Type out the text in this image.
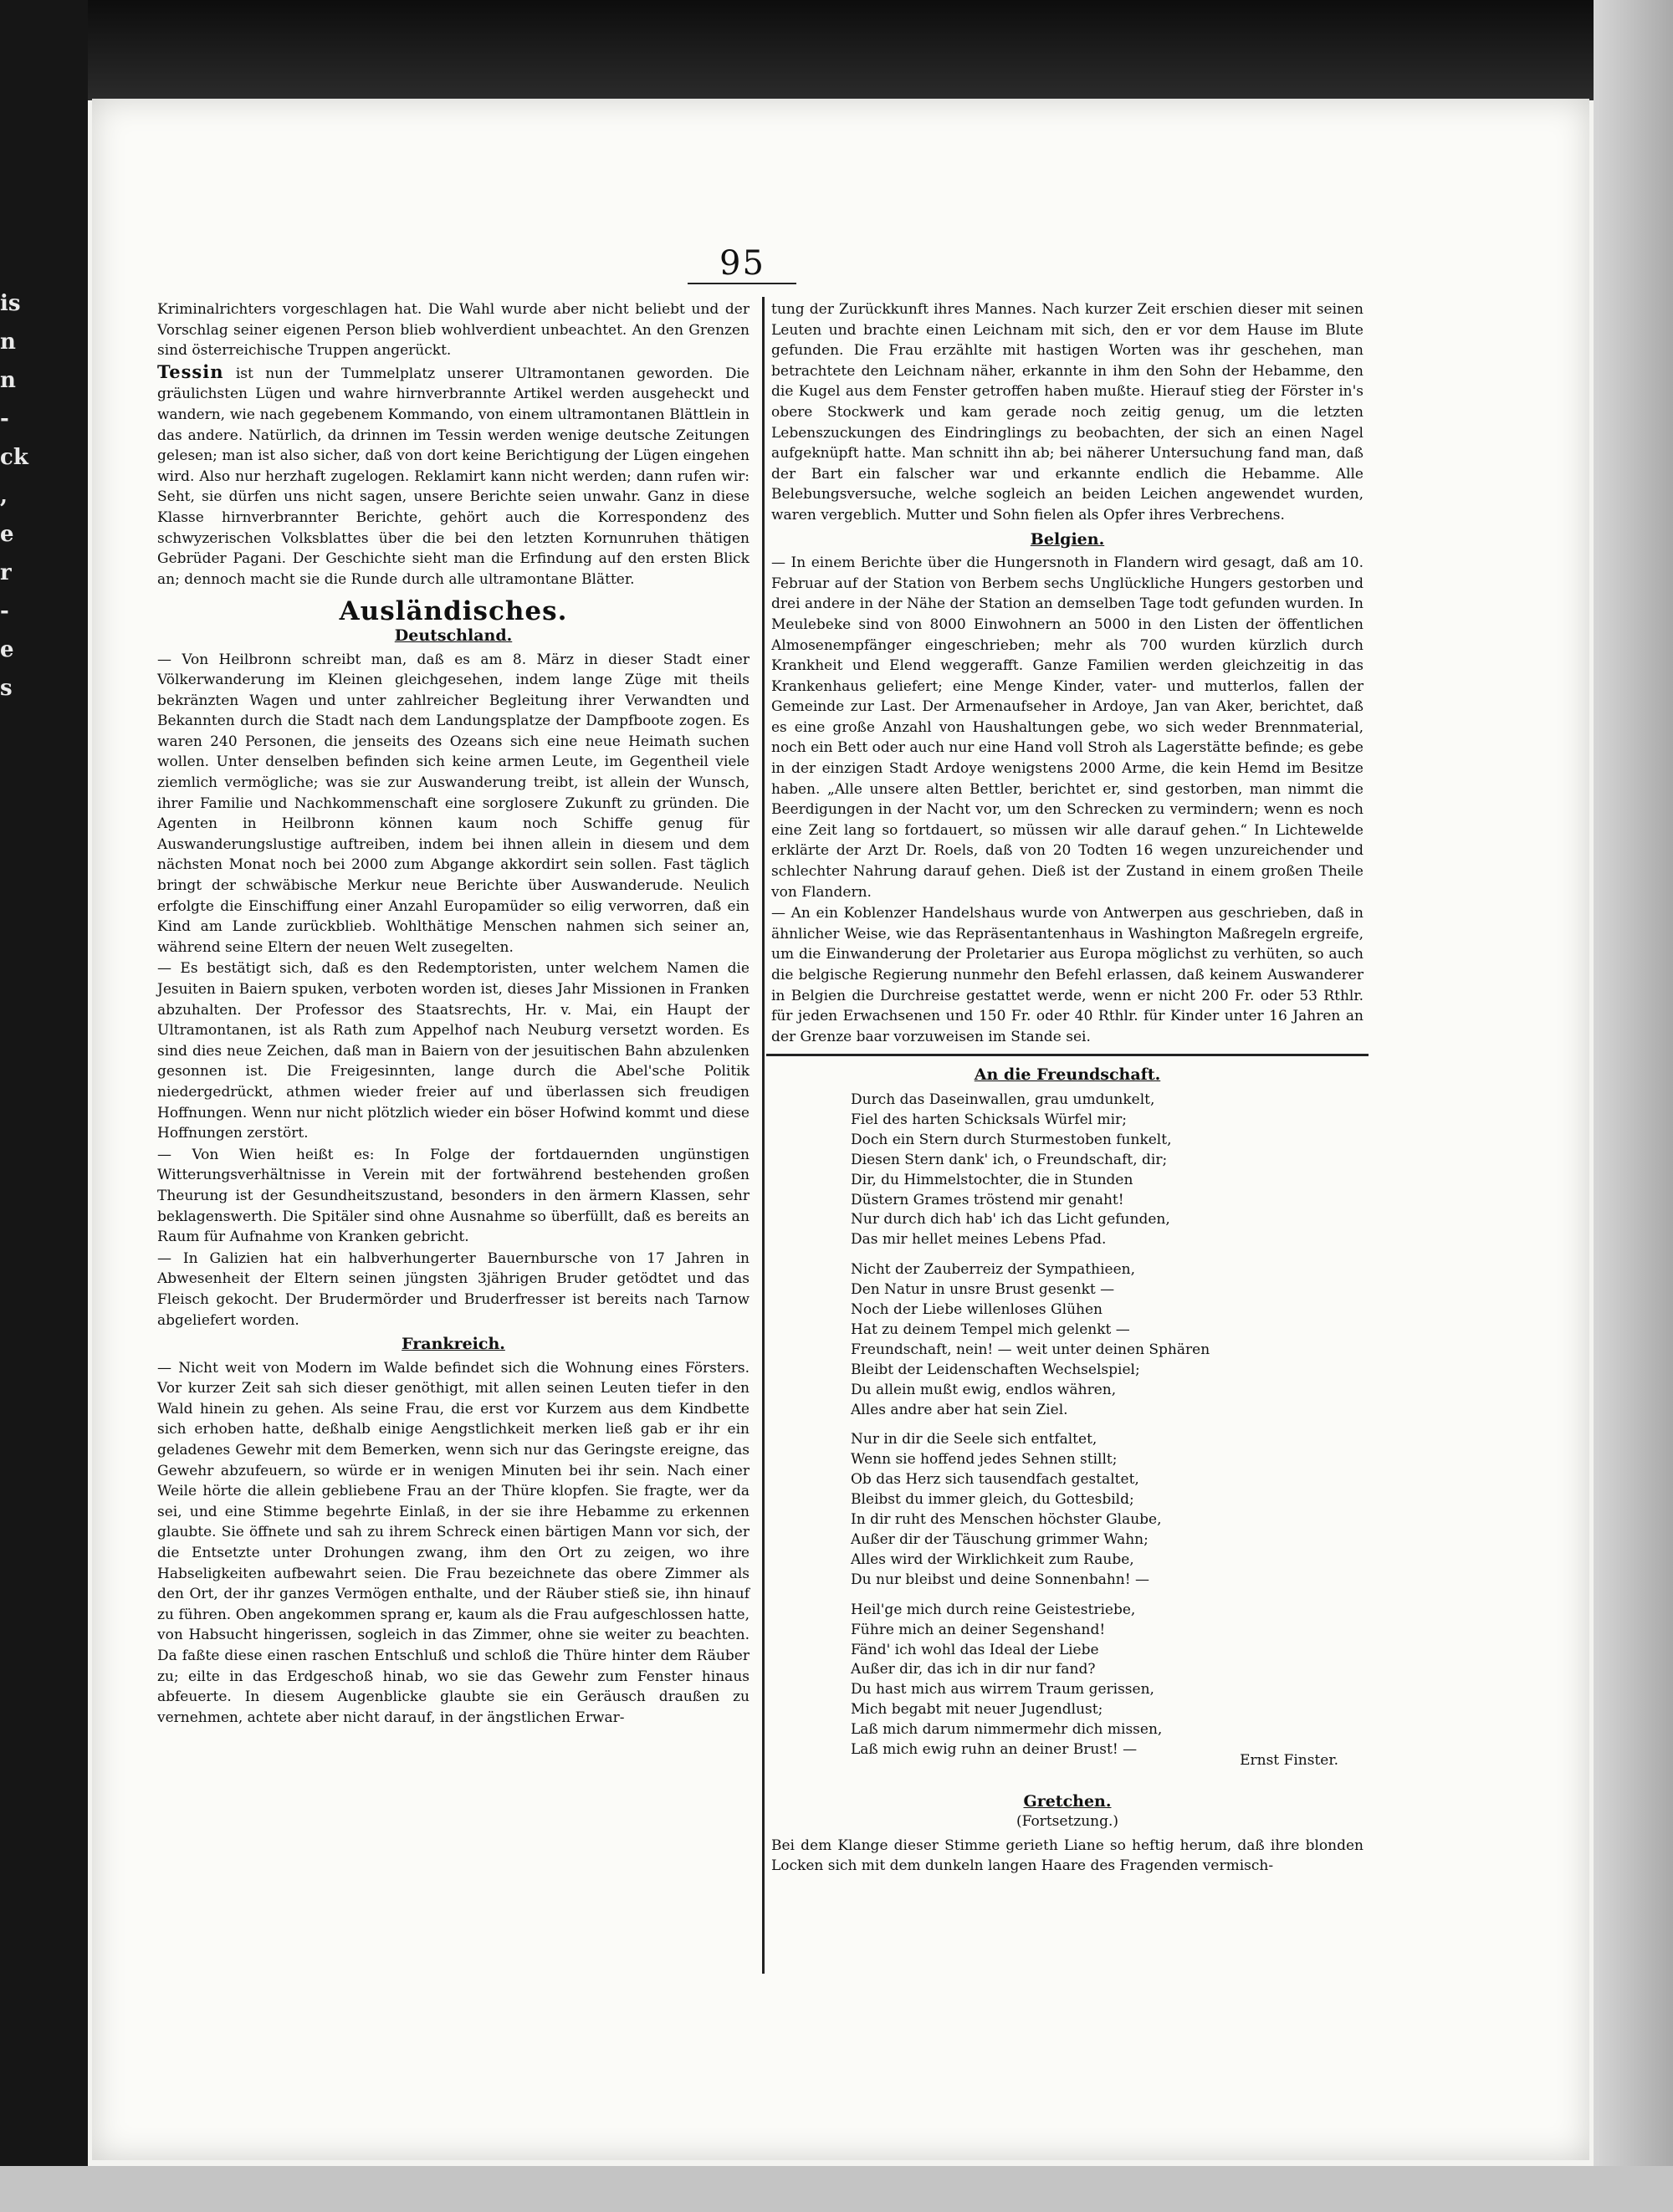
is
n
n
-
ck
,
e
r
-
e
s
95

Kriminalrichters vorgeschlagen hat. Die Wahl wurde aber nicht beliebt und der Vorschlag seiner eigenen Person blieb wohlverdient unbeachtet. An den Grenzen sind österreichische Truppen angerückt.

Tessin ist nun der Tummelplatz unserer Ultramontanen geworden. Die gräulichsten Lügen und wahre hirnverbrannte Artikel werden ausgeheckt und wandern, wie nach gegebenem Kommando, von einem ultramontanen Blättlein in das andere. Natürlich, da drinnen im Tessin werden wenige deutsche Zeitungen gelesen; man ist also sicher, daß von dort keine Berichtigung der Lügen eingehen wird. Also nur herzhaft zugelogen. Reklamirt kann nicht werden; dann rufen wir: Seht, sie dürfen uns nicht sagen, unsere Berichte seien unwahr. Ganz in diese Klasse hirnverbrannter Berichte, gehört auch die Korrespondenz des schwyzerischen Volksblattes über die bei den letzten Kornunruhen thätigen Gebrüder Pagani. Der Geschichte sieht man die Erfindung auf den ersten Blick an; dennoch macht sie die Runde durch alle ultramontane Blätter.

Ausländisches.
Deutschland.

— Von Heilbronn schreibt man, daß es am 8. März in dieser Stadt einer Völkerwanderung im Kleinen gleichgesehen, indem lange Züge mit theils bekränzten Wagen und unter zahlreicher Begleitung ihrer Verwandten und Bekannten durch die Stadt nach dem Landungsplatze der Dampfboote zogen. Es waren 240 Personen, die jenseits des Ozeans sich eine neue Heimath suchen wollen. Unter denselben befinden sich keine armen Leute, im Gegentheil viele ziemlich vermögliche; was sie zur Auswanderung treibt, ist allein der Wunsch, ihrer Familie und Nachkommenschaft eine sorglosere Zukunft zu gründen. Die Agenten in Heilbronn können kaum noch Schiffe genug für Auswanderungslustige auftreiben, indem bei ihnen allein in diesem und dem nächsten Monat noch bei 2000 zum Abgange akkordirt sein sollen. Fast täglich bringt der schwäbische Merkur neue Berichte über Auswanderude. Neulich erfolgte die Einschiffung einer Anzahl Europamüder so eilig verworren, daß ein Kind am Lande zurückblieb. Wohlthätige Menschen nahmen sich seiner an, während seine Eltern der neuen Welt zusegelten.

— Es bestätigt sich, daß es den Redemptoristen, unter welchem Namen die Jesuiten in Baiern spuken, verboten worden ist, dieses Jahr Missionen in Franken abzuhalten. Der Professor des Staatsrechts, Hr. v. Mai, ein Haupt der Ultramontanen, ist als Rath zum Appelhof nach Neuburg versetzt worden. Es sind dies neue Zeichen, daß man in Baiern von der jesuitischen Bahn abzulenken gesonnen ist. Die Freigesinnten, lange durch die Abel'sche Politik niedergedrückt, athmen wieder freier auf und überlassen sich freudigen Hoffnungen. Wenn nur nicht plötzlich wieder ein böser Hofwind kommt und diese Hoffnungen zerstört.

— Von Wien heißt es: In Folge der fortdauernden ungünstigen Witterungsverhältnisse in Verein mit der fortwährend bestehenden großen Theurung ist der Gesundheitszustand, besonders in den ärmern Klassen, sehr beklagenswerth. Die Spitäler sind ohne Ausnahme so überfüllt, daß es bereits an Raum für Aufnahme von Kranken gebricht.

— In Galizien hat ein halbverhungerter Bauernbursche von 17 Jahren in Abwesenheit der Eltern seinen jüngsten 3jährigen Bruder getödtet und das Fleisch gekocht. Der Brudermörder und Bruderfresser ist bereits nach Tarnow abgeliefert worden.

Frankreich.

— Nicht weit von Modern im Walde befindet sich die Wohnung eines Försters. Vor kurzer Zeit sah sich dieser genöthigt, mit allen seinen Leuten tiefer in den Wald hinein zu gehen. Als seine Frau, die erst vor Kurzem aus dem Kindbette sich erhoben hatte, deßhalb einige Aengstlichkeit merken ließ gab er ihr ein geladenes Gewehr mit dem Bemerken, wenn sich nur das Geringste ereigne, das Gewehr abzufeuern, so würde er in wenigen Minuten bei ihr sein. Nach einer Weile hörte die allein gebliebene Frau an der Thüre klopfen. Sie fragte, wer da sei, und eine Stimme begehrte Einlaß, in der sie ihre Hebamme zu erkennen glaubte. Sie öffnete und sah zu ihrem Schreck einen bärtigen Mann vor sich, der die Entsetzte unter Drohungen zwang, ihm den Ort zu zeigen, wo ihre Habseligkeiten aufbewahrt seien. Die Frau bezeichnete das obere Zimmer als den Ort, der ihr ganzes Vermögen enthalte, und der Räuber stieß sie, ihn hinauf zu führen. Oben angekommen sprang er, kaum als die Frau aufgeschlossen hatte, von Habsucht hingerissen, sogleich in das Zimmer, ohne sie weiter zu beachten. Da faßte diese einen raschen Entschluß und schloß die Thüre hinter dem Räuber zu; eilte in das Erdgeschoß hinab, wo sie das Gewehr zum Fenster hinaus abfeuerte. In diesem Augenblicke glaubte sie ein Geräusch draußen zu vernehmen, achtete aber nicht darauf, in der ängstlichen Erwar-

tung der Zurückkunft ihres Mannes. Nach kurzer Zeit erschien dieser mit seinen Leuten und brachte einen Leichnam mit sich, den er vor dem Hause im Blute gefunden. Die Frau erzählte mit hastigen Worten was ihr geschehen, man betrachtete den Leichnam näher, erkannte in ihm den Sohn der Hebamme, den die Kugel aus dem Fenster getroffen haben mußte. Hierauf stieg der Förster in's obere Stockwerk und kam gerade noch zeitig genug, um die letzten Lebenszuckungen des Eindringlings zu beobachten, der sich an einen Nagel aufgeknüpft hatte. Man schnitt ihn ab; bei näherer Untersuchung fand man, daß der Bart ein falscher war und erkannte endlich die Hebamme. Alle Belebungsversuche, welche sogleich an beiden Leichen angewendet wurden, waren vergeblich. Mutter und Sohn fielen als Opfer ihres Verbrechens.

Belgien.

— In einem Berichte über die Hungersnoth in Flandern wird gesagt, daß am 10. Februar auf der Station von Berbem sechs Unglückliche Hungers gestorben und drei andere in der Nähe der Station an demselben Tage todt gefunden wurden. In Meulebeke sind von 8000 Einwohnern an 5000 in den Listen der öffentlichen Almosenempfänger eingeschrieben; mehr als 700 wurden kürzlich durch Krankheit und Elend weggerafft. Ganze Familien werden gleichzeitig in das Krankenhaus geliefert; eine Menge Kinder, vater- und mutterlos, fallen der Gemeinde zur Last. Der Armenaufseher in Ardoye, Jan van Aker, berichtet, daß es eine große Anzahl von Haushaltungen gebe, wo sich weder Brennmaterial, noch ein Bett oder auch nur eine Hand voll Stroh als Lagerstätte befinde; es gebe in der einzigen Stadt Ardoye wenigstens 2000 Arme, die kein Hemd im Besitze haben. „Alle unsere alten Bettler, berichtet er, sind gestorben, man nimmt die Beerdigungen in der Nacht vor, um den Schrecken zu vermindern; wenn es noch eine Zeit lang so fortdauert, so müssen wir alle darauf gehen.“ In Lichtewelde erklärte der Arzt Dr. Roels, daß von 20 Todten 16 wegen unzureichender und schlechter Nahrung darauf gehen. Dieß ist der Zustand in einem großen Theile von Flandern.

— An ein Koblenzer Handelshaus wurde von Antwerpen aus geschrieben, daß in ähnlicher Weise, wie das Repräsentantenhaus in Washington Maßregeln ergreife, um die Einwanderung der Proletarier aus Europa möglichst zu verhüten, so auch die belgische Regierung nunmehr den Befehl erlassen, daß keinem Auswanderer in Belgien die Durchreise gestattet werde, wenn er nicht 200 Fr. oder 53 Rthlr. für jeden Erwachsenen und 150 Fr. oder 40 Rthlr. für Kinder unter 16 Jahren an der Grenze baar vorzuweisen im Stande sei.

An die Freundschaft.
Durch das Daseinwallen, grau umdunkelt,
Fiel des harten Schicksals Würfel mir;
Doch ein Stern durch Sturmestoben funkelt,
Diesen Stern dank' ich, o Freundschaft, dir;
Dir, du Himmelstochter, die in Stunden
Düstern Grames tröstend mir genaht!
Nur durch dich hab' ich das Licht gefunden,
Das mir hellet meines Lebens Pfad.
Nicht der Zauberreiz der Sympathieen,
Den Natur in unsre Brust gesenkt —
Noch der Liebe willenloses Glühen
Hat zu deinem Tempel mich gelenkt —
Freundschaft, nein! — weit unter deinen Sphären
Bleibt der Leidenschaften Wechselspiel;
Du allein mußt ewig, endlos währen,
Alles andre aber hat sein Ziel.
Nur in dir die Seele sich entfaltet,
Wenn sie hoffend jedes Sehnen stillt;
Ob das Herz sich tausendfach gestaltet,
Bleibst du immer gleich, du Gottesbild;
In dir ruht des Menschen höchster Glaube,
Außer dir der Täuschung grimmer Wahn;
Alles wird der Wirklichkeit zum Raube,
Du nur bleibst und deine Sonnenbahn! —
Heil'ge mich durch reine Geistestriebe,
Führe mich an deiner Segenshand!
Fänd' ich wohl das Ideal der Liebe
Außer dir, das ich in dir nur fand?
Du hast mich aus wirrem Traum gerissen,
Mich begabt mit neuer Jugendlust;
Laß mich darum nimmermehr dich missen,
Laß mich ewig ruhn an deiner Brust! —
Ernst Finster.
Gretchen.
(Fortsetzung.)

Bei dem Klange dieser Stimme gerieth Liane so heftig herum, daß ihre blonden Locken sich mit dem dunkeln langen Haare des Fragenden vermisch-
